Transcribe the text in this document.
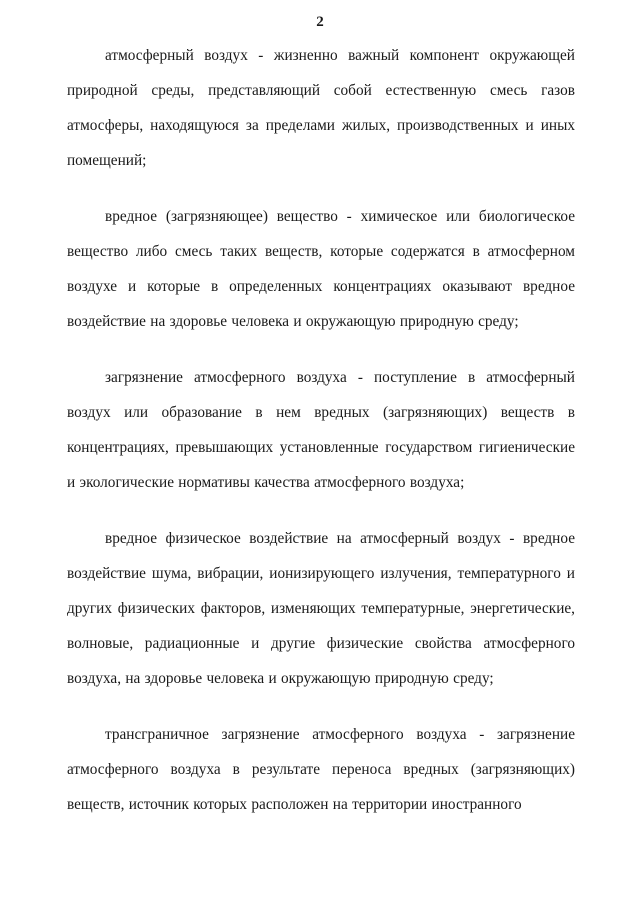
2

атмосферный воздух - жизненно важный компонент окружающей природной среды, представляющий собой естественную смесь газов атмосферы, находящуюся за пределами жилых, производственных и иных помещений;

вредное (загрязняющее) вещество - химическое или биологическое вещество либо смесь таких веществ, которые содержатся в атмосферном воздухе и которые в определенных концентрациях оказывают вредное воздействие на здоровье человека и окружающую природную среду;

загрязнение атмосферного воздуха - поступление в атмосферный воздух или образование в нем вредных (загрязняющих) веществ в концентрациях, превышающих установленные государством гигиенические и экологические нормативы качества атмосферного воздуха;

вредное физическое воздействие на атмосферный воздух - вредное воздействие шума, вибрации, ионизирующего излучения, температурного и других физических факторов, изменяющих температурные, энергетические, волновые, радиационные и другие физические свойства атмосферного воздуха, на здоровье человека и окружающую природную среду;

трансграничное загрязнение атмосферного воздуха - загрязнение атмосферного воздуха в результате переноса вредных (загрязняющих) веществ, источник которых расположен на территории иностранного
